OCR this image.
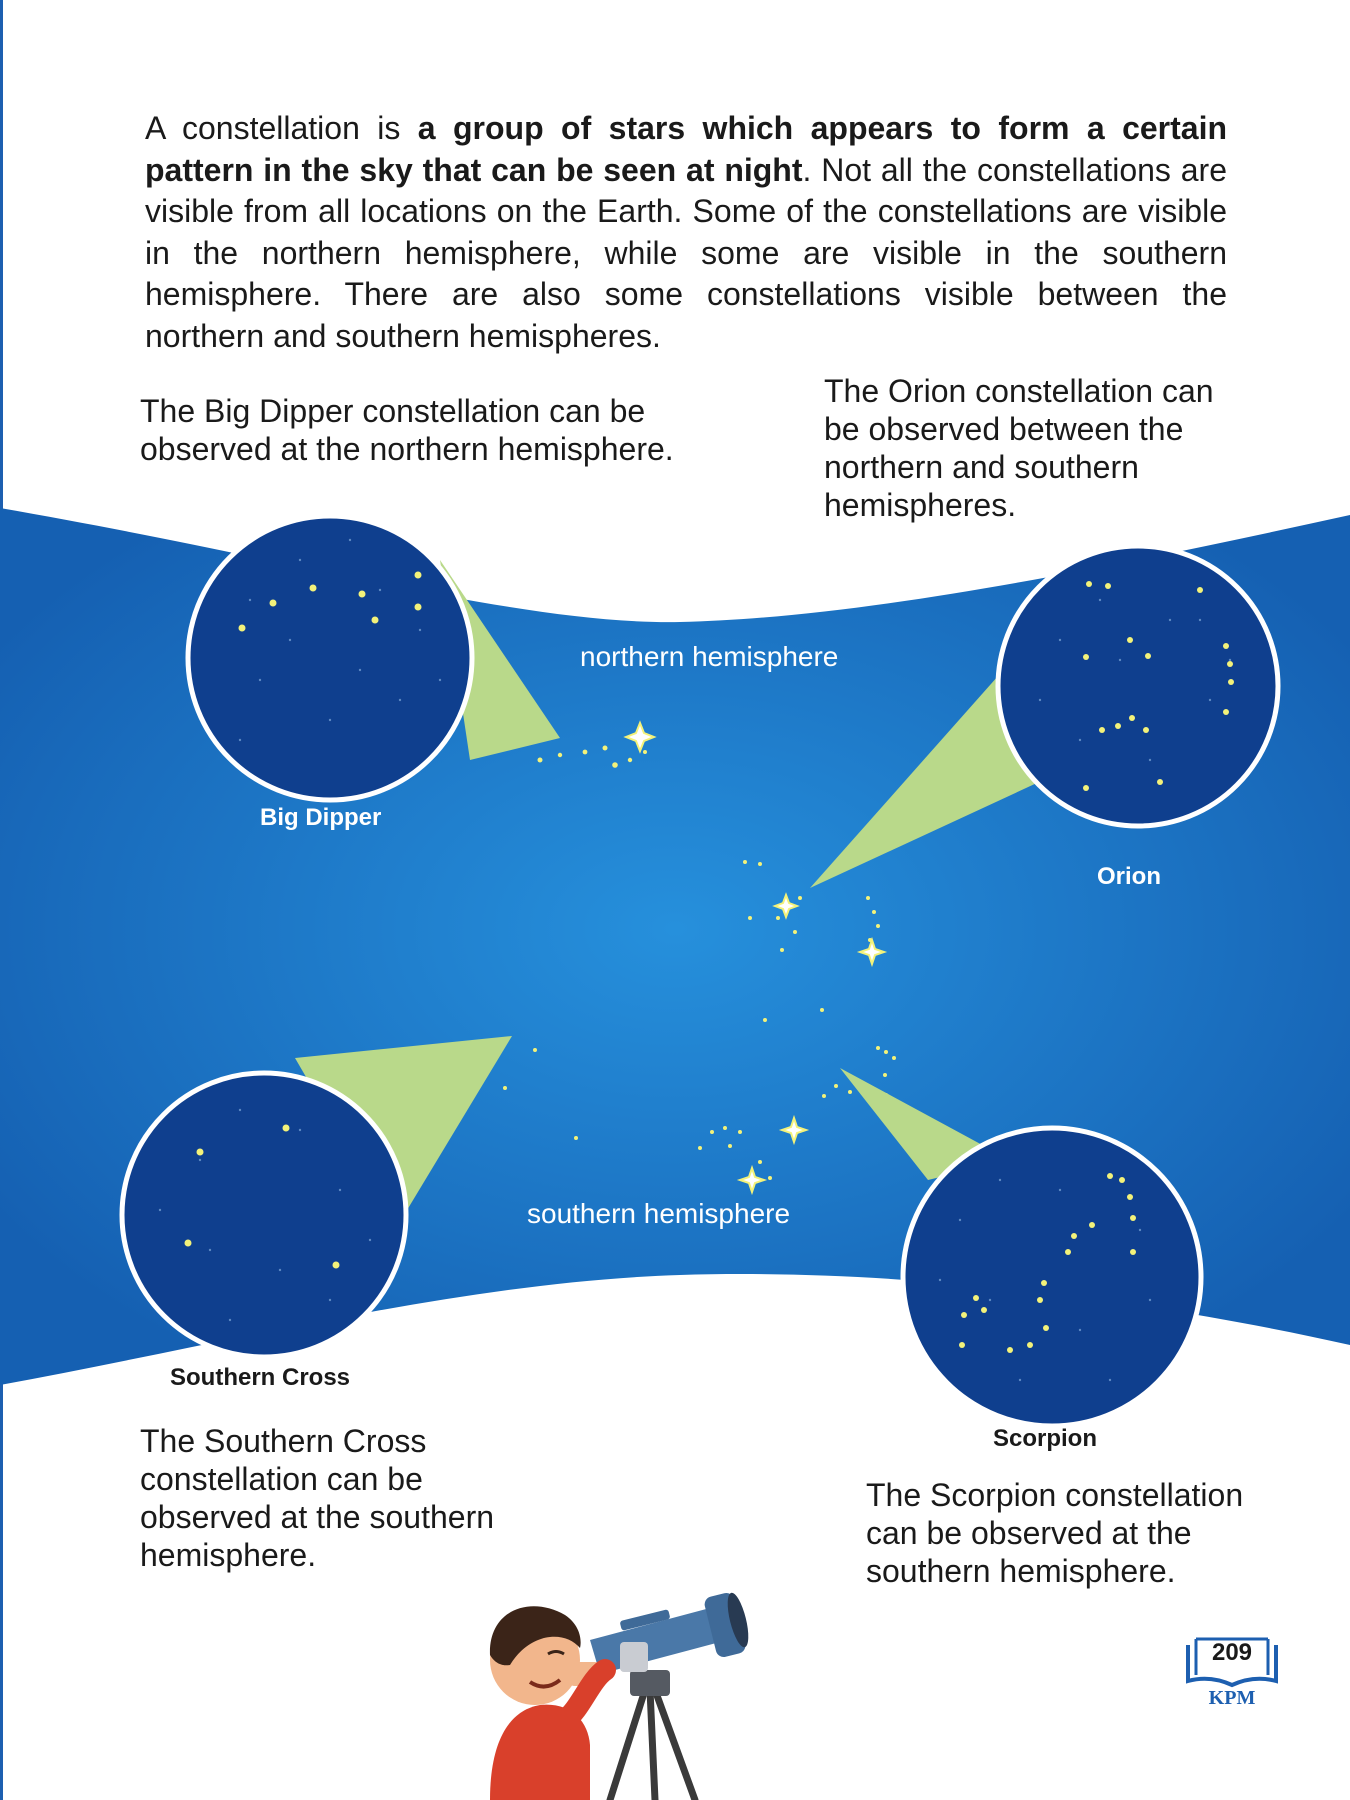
A constellation is a group of stars which appears to form a certain pattern in the sky that can be seen at night. Not all the constellations are visible from all locations on the Earth. Some of the constellations are visible in the northern hemisphere, while some are visible in the southern hemisphere. There are also some constellations visible between the northern and southern hemispheres.

The Big Dipper constellation can be observed at the northern hemisphere.

The Orion constellation can be observed between the northern and southern hemispheres.

northern hemisphere
southern hemisphere
Big Dipper
Orion
Southern Cross
Scorpion

The Southern Cross constellation can be observed at the southern hemisphere.

The Scorpion constellation can be observed at the southern hemisphere.

209
KPM
